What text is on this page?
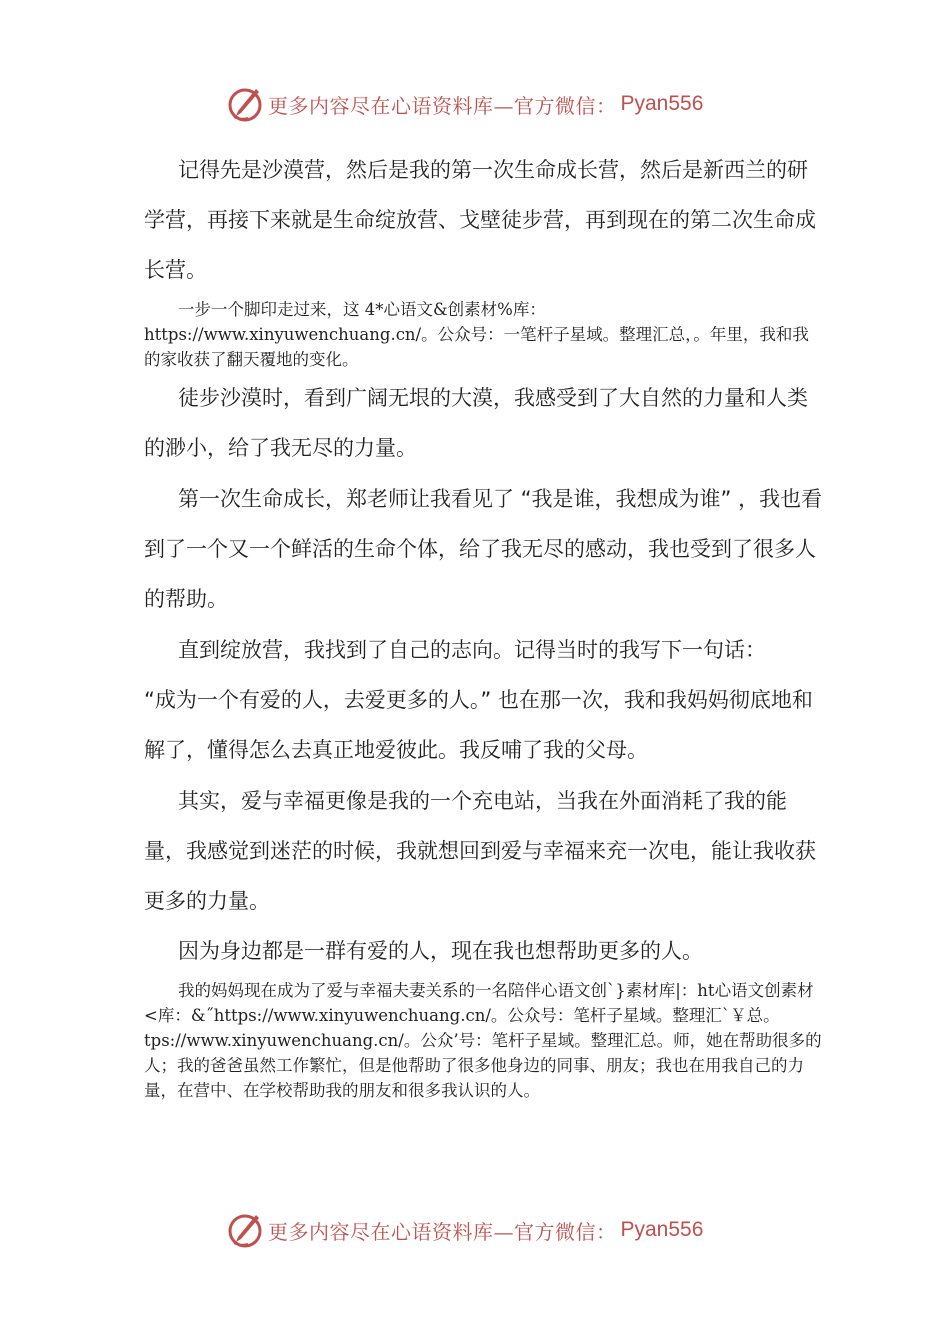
更多内容尽在心语资料库—官方微信： Pyan556

记得先是沙漠营，然后是我的第一次生命成长营，然后是新西兰的研学营，再接下来就是生命绽放营、戈壁徒步营，再到现在的第二次生命成长营。

一步一个脚印走过来，这 4*心语文&创素材%库：https://www.xinyuwenchuang.cn/。公众号：一笔杆子星域。整理汇总，。年里，我和我的家收获了翻天覆地的变化。

徒步沙漠时，看到广阔无垠的大漠，我感受到了大自然的力量和人类的渺小，给了我无尽的力量。

第一次生命成长，郑老师让我看见了 “我是谁，我想成为谁” ，我也看到了一个又一个鲜活的生命个体，给了我无尽的感动，我也受到了很多人的帮助。

直到绽放营，我找到了自己的志向。记得当时的我写下一句话：

“成为一个有爱的人，去爱更多的人。” 也在那一次，我和我妈妈彻底地和解了，懂得怎么去真正地爱彼此。我反哺了我的父母。

其实，爱与幸福更像是我的一个充电站，当我在外面消耗了我的能量，我感觉到迷茫的时候，我就想回到爱与幸福来充一次电，能让我收获更多的力量。

因为身边都是一群有爱的人，现在我也想帮助更多的人。

我的妈妈现在成为了爱与幸福夫妻关系的一名陪伴心语文创`}素材库|：ht心语文创素材<库：&˝https://www.xinyuwenchuang.cn/。公众号：笔杆子星域。整理汇`￥总。tps://www.xinyuwenchuang.cn/。公众’号：笔杆子星域。整理汇总。师，她在帮助很多的人；我的爸爸虽然工作繁忙，但是他帮助了很多他身边的同事、朋友；我也在用我自己的力量，在营中、在学校帮助我的朋友和很多我认识的人。

更多内容尽在心语资料库—官方微信： Pyan556
